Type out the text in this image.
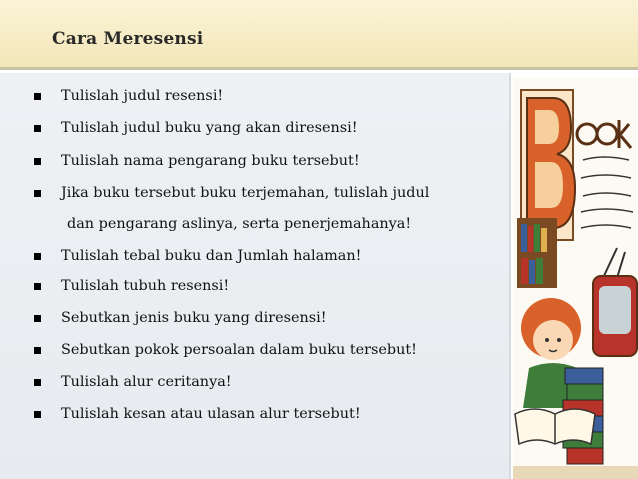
Cara Meresensi
Tulislah judul resensi!
Tulislah judul buku yang akan diresensi!
Tulislah nama pengarang buku tersebut!
Jika buku tersebut buku terjemahan, tulislah judul
dan pengarang aslinya, serta penerjemahanya!
Tulislah tebal buku dan Jumlah halaman!
Tulislah tubuh resensi!
Sebutkan jenis buku yang diresensi!
Sebutkan pokok persoalan dalam buku tersebut!
Tulislah alur ceritanya!
Tulislah kesan atau ulasan alur tersebut!
